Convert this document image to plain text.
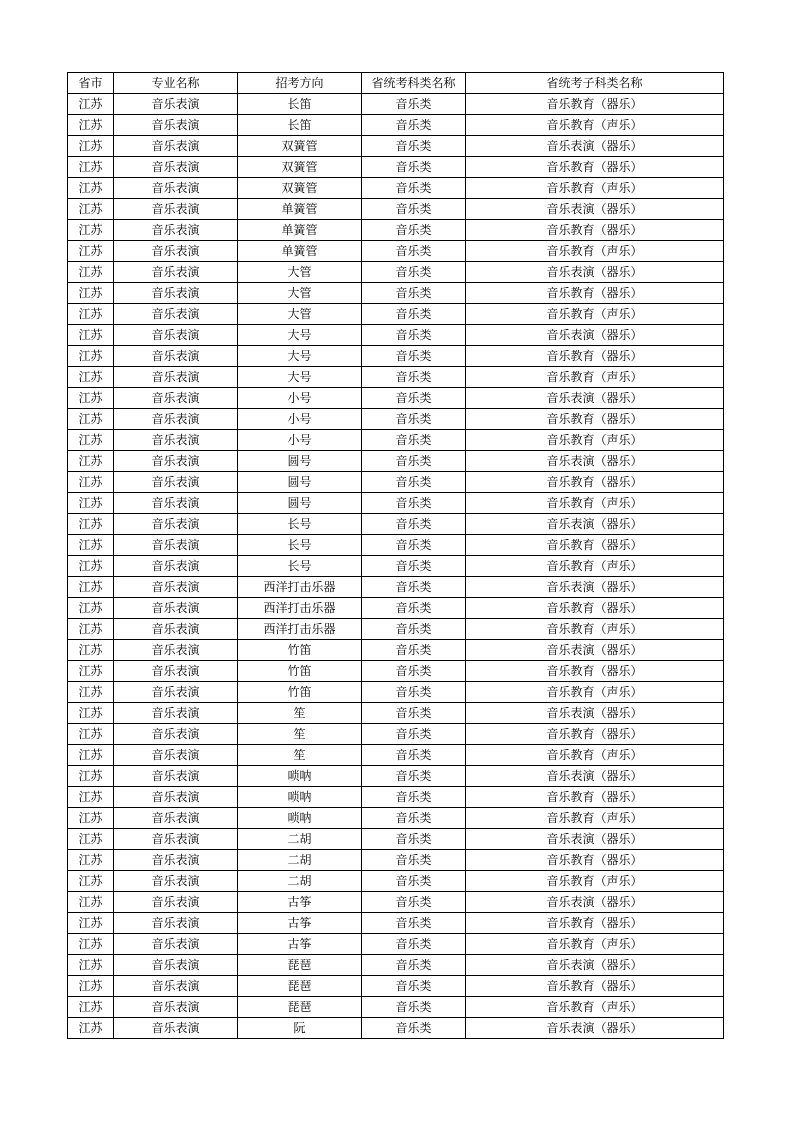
省市	专业名称	招考方向	省统考科类名称	省统考子科类名称
江苏	音乐表演	长笛	音乐类	音乐教育（器乐）
江苏	音乐表演	长笛	音乐类	音乐教育（声乐）
江苏	音乐表演	双簧管	音乐类	音乐表演（器乐）
江苏	音乐表演	双簧管	音乐类	音乐教育（器乐）
江苏	音乐表演	双簧管	音乐类	音乐教育（声乐）
江苏	音乐表演	单簧管	音乐类	音乐表演（器乐）
江苏	音乐表演	单簧管	音乐类	音乐教育（器乐）
江苏	音乐表演	单簧管	音乐类	音乐教育（声乐）
江苏	音乐表演	大管	音乐类	音乐表演（器乐）
江苏	音乐表演	大管	音乐类	音乐教育（器乐）
江苏	音乐表演	大管	音乐类	音乐教育（声乐）
江苏	音乐表演	大号	音乐类	音乐表演（器乐）
江苏	音乐表演	大号	音乐类	音乐教育（器乐）
江苏	音乐表演	大号	音乐类	音乐教育（声乐）
江苏	音乐表演	小号	音乐类	音乐表演（器乐）
江苏	音乐表演	小号	音乐类	音乐教育（器乐）
江苏	音乐表演	小号	音乐类	音乐教育（声乐）
江苏	音乐表演	圆号	音乐类	音乐表演（器乐）
江苏	音乐表演	圆号	音乐类	音乐教育（器乐）
江苏	音乐表演	圆号	音乐类	音乐教育（声乐）
江苏	音乐表演	长号	音乐类	音乐表演（器乐）
江苏	音乐表演	长号	音乐类	音乐教育（器乐）
江苏	音乐表演	长号	音乐类	音乐教育（声乐）
江苏	音乐表演	西洋打击乐器	音乐类	音乐表演（器乐）
江苏	音乐表演	西洋打击乐器	音乐类	音乐教育（器乐）
江苏	音乐表演	西洋打击乐器	音乐类	音乐教育（声乐）
江苏	音乐表演	竹笛	音乐类	音乐表演（器乐）
江苏	音乐表演	竹笛	音乐类	音乐教育（器乐）
江苏	音乐表演	竹笛	音乐类	音乐教育（声乐）
江苏	音乐表演	笙	音乐类	音乐表演（器乐）
江苏	音乐表演	笙	音乐类	音乐教育（器乐）
江苏	音乐表演	笙	音乐类	音乐教育（声乐）
江苏	音乐表演	唢呐	音乐类	音乐表演（器乐）
江苏	音乐表演	唢呐	音乐类	音乐教育（器乐）
江苏	音乐表演	唢呐	音乐类	音乐教育（声乐）
江苏	音乐表演	二胡	音乐类	音乐表演（器乐）
江苏	音乐表演	二胡	音乐类	音乐教育（器乐）
江苏	音乐表演	二胡	音乐类	音乐教育（声乐）
江苏	音乐表演	古筝	音乐类	音乐表演（器乐）
江苏	音乐表演	古筝	音乐类	音乐教育（器乐）
江苏	音乐表演	古筝	音乐类	音乐教育（声乐）
江苏	音乐表演	琵琶	音乐类	音乐表演（器乐）
江苏	音乐表演	琵琶	音乐类	音乐教育（器乐）
江苏	音乐表演	琵琶	音乐类	音乐教育（声乐）
江苏	音乐表演	阮	音乐类	音乐表演（器乐）
